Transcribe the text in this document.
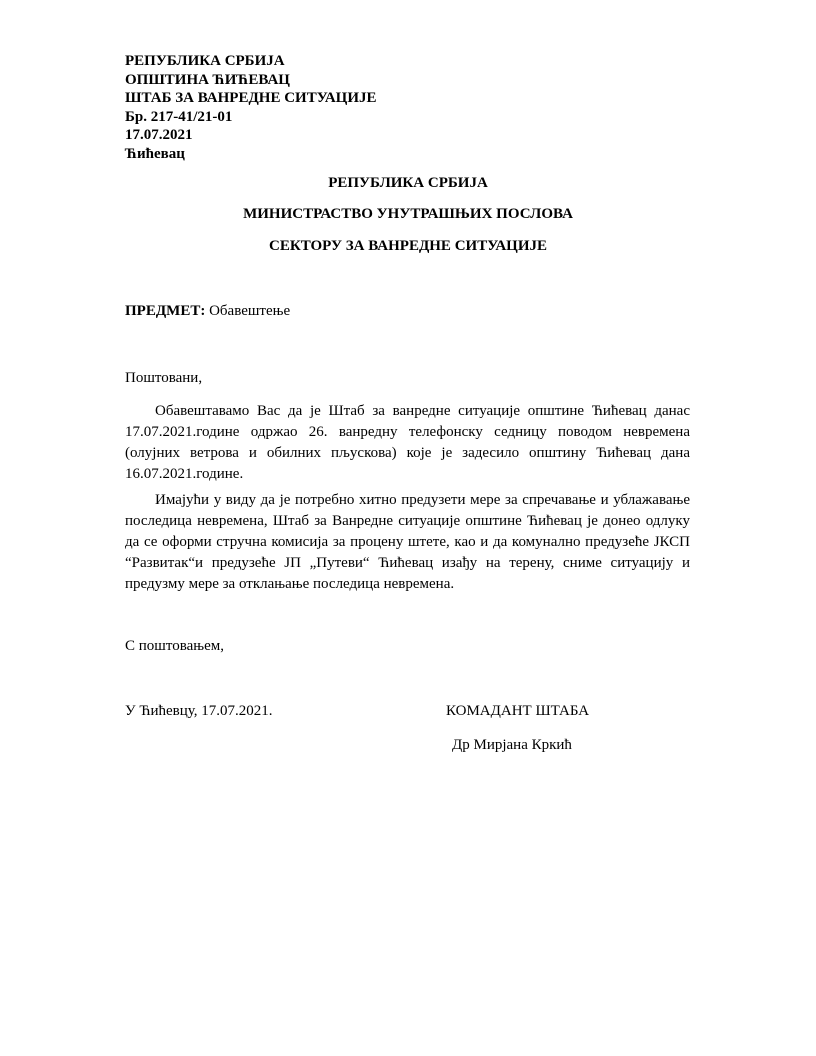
РЕПУБЛИКА СРБИЈА
ОПШТИНА ЋИЋЕВАЦ
ШТАБ ЗА ВАНРЕДНЕ СИТУАЦИЈЕ
Бр. 217-41/21-01
17.07.2021
Ћићевац
РЕПУБЛИКА СРБИЈА
МИНИСТРАСТВО УНУТРАШЊИХ ПОСЛОВА
СЕКТОРУ ЗА ВАНРЕДНЕ СИТУАЦИЈЕ
ПРЕДМЕТ: Обавештење
Поштовани,
Обавештавамо Вас да је Штаб за ванредне ситуације општине Ћићевац данас 17.07.2021.године одржао 26. ванредну телефонску седницу поводом невремена (олујних ветрова и обилних пљускова) које је задесило општину Ћићевац дана 16.07.2021.године.
Имајући у виду да је потребно хитно предузети мере за спречавање и ублажавање последица невремена, Штаб за Ванредне ситуације општине Ћићевац је донео одлуку да се оформи стручна комисија за процену штете, као и да комунално предузеће ЈКСП “Развитак“и предузеће ЈП „Путеви“ Ћићевац изађу на терену, сниме ситуацију и предузму мере за отклањање последица невремена.
С поштовањем,
У Ћићевцу, 17.07.2021.	КОМАДАНТ ШТАБА
Др Мирјана Кркић
